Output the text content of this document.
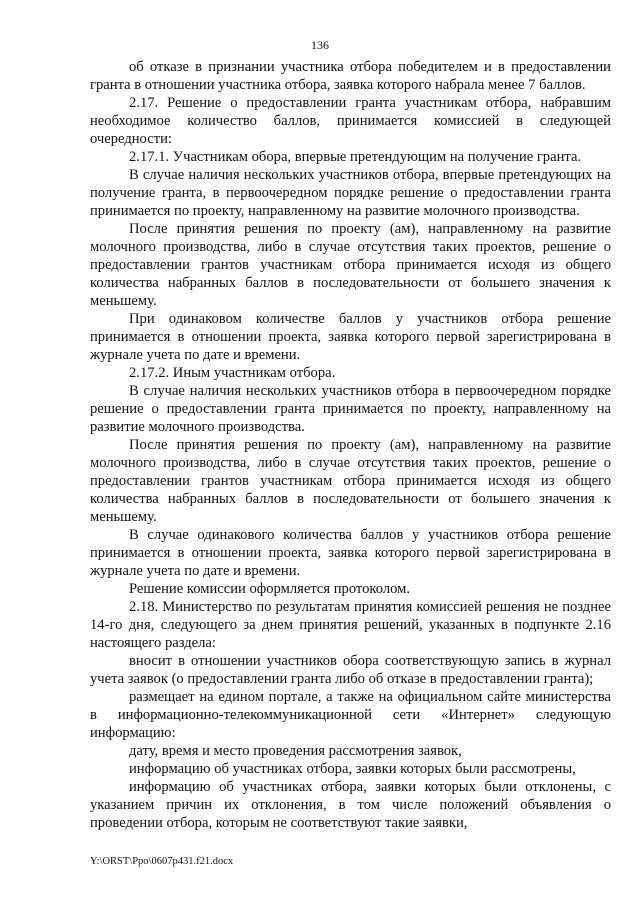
136

об отказе в признании участника отбора победителем и в предоставлении гранта в отношении участника отбора, заявка которого набрала менее 7 баллов.

2.17. Решение о предоставлении гранта участникам отбора, набравшим необходимое количество баллов, принимается комиссией в следующей очередности:

2.17.1. Участникам обора, впервые претендующим на получение гранта.

В случае наличия нескольких участников отбора, впервые претендующих на получение гранта, в первоочередном порядке решение о предоставлении гранта принимается по проекту, направленному на развитие молочного производства.

После принятия решения по проекту (ам), направленному на развитие молочного производства, либо в случае отсутствия таких проектов, решение о предоставлении грантов участникам отбора принимается исходя из общего количества набранных баллов в последовательности от большего значения к меньшему.

При одинаковом количестве баллов у участников отбора решение принимается в отношении проекта, заявка которого первой зарегистрирована в журнале учета по дате и времени.

2.17.2. Иным участникам отбора.

В случае наличия нескольких участников отбора в первоочередном порядке решение о предоставлении гранта принимается по проекту, направленному на развитие молочного производства.

После принятия решения по проекту (ам), направленному на развитие молочного производства, либо в случае отсутствия таких проектов, решение о предоставлении грантов участникам отбора принимается исходя из общего количества набранных баллов в последовательности от большего значения к меньшему.

В случае одинакового количества баллов у участников отбора решение принимается в отношении проекта, заявка которого первой зарегистрирована в журнале учета по дате и времени.

Решение комиссии оформляется протоколом.

2.18. Министерство по результатам принятия комиссией решения не позднее 14-го дня, следующего за днем принятия решений, указанных в подпункте 2.16 настоящего раздела:

вносит в отношении участников обора соответствующую запись в журнал учета заявок (о предоставлении гранта либо об отказе в предоставлении гранта);

размещает на едином портале, а также на официальном сайте министерства в информационно-телекоммуникационной сети «Интернет» следующую информацию:

дату, время и место проведения рассмотрения заявок,

информацию об участниках отбора, заявки которых были рассмотрены,

информацию об участниках отбора, заявки которых были отклонены, с указанием причин их отклонения, в том числе положений объявления о проведении отбора, которым не соответствуют такие заявки,

Y:\ORST\Ppo\0607p431.f21.docx
